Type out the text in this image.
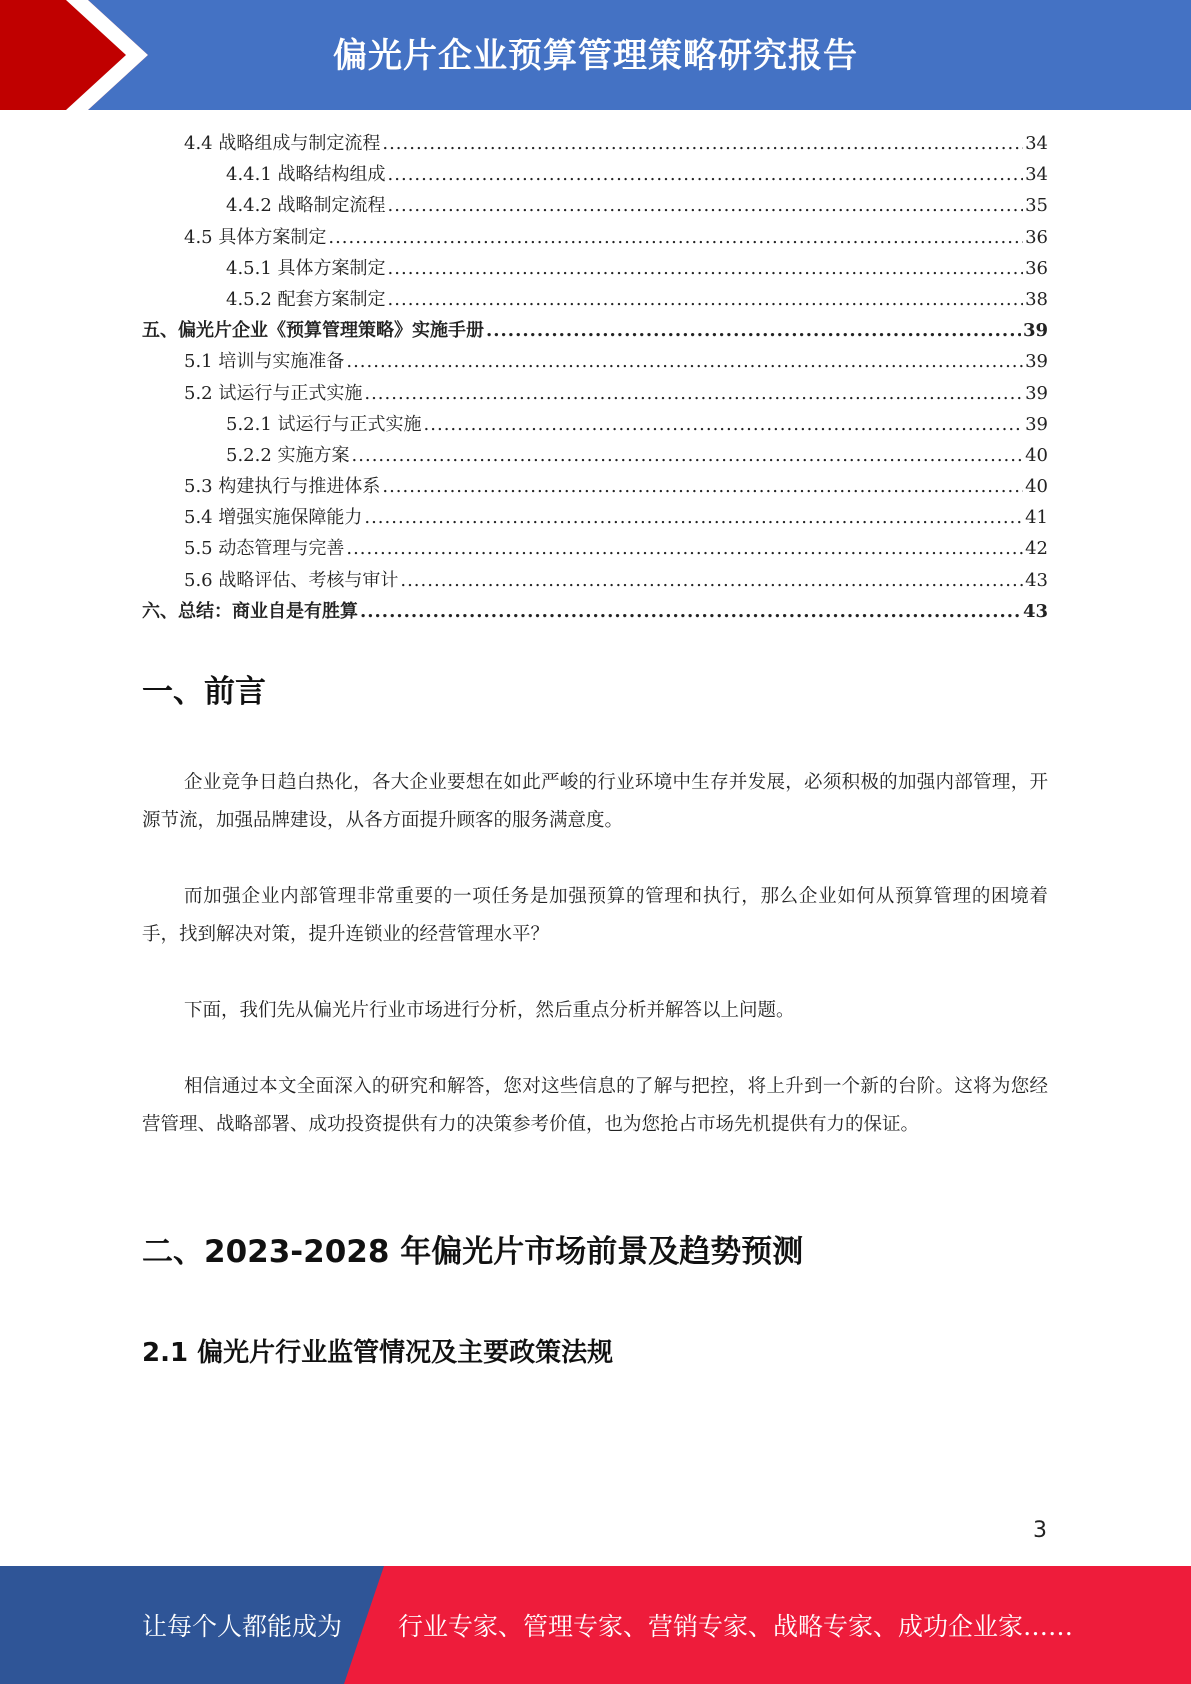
偏光片企业预算管理策略研究报告
4.4 战略组成与制定流程 .....	34
4.4.1 战略结构组成 .....	34
4.4.2 战略制定流程 .....	35
4.5 具体方案制定 .....	36
4.5.1 具体方案制定 .....	36
4.5.2 配套方案制定 .....	38
五、偏光片企业《预算管理策略》实施手册 .....	39
5.1 培训与实施准备 .....	39
5.2 试运行与正式实施 .....	39
5.2.1 试运行与正式实施 .....	39
5.2.2 实施方案 .....	40
5.3 构建执行与推进体系 .....	40
5.4 增强实施保障能力 .....	41
5.5 动态管理与完善 .....	42
5.6 战略评估、考核与审计 .....	43
六、总结：商业自是有胜算 .....	43
一、前言

企业竞争日趋白热化，各大企业要想在如此严峻的行业环境中生存并发展，必须积极的加强内部管理，开源节流，加强品牌建设，从各方面提升顾客的服务满意度。

而加强企业内部管理非常重要的一项任务是加强预算的管理和执行，那么企业如何从预算管理的困境着手，找到解决对策，提升连锁业的经营管理水平？

下面，我们先从偏光片行业市场进行分析，然后重点分析并解答以上问题。

相信通过本文全面深入的研究和解答，您对这些信息的了解与把控，将上升到一个新的台阶。这将为您经营管理、战略部署、成功投资提供有力的决策参考价值，也为您抢占市场先机提供有力的保证。

二、2023-2028 年偏光片市场前景及趋势预测
2.1 偏光片行业监管情况及主要政策法规
3
让每个人都能成为 行业专家、管理专家、营销专家、战略专家、成功企业家……
